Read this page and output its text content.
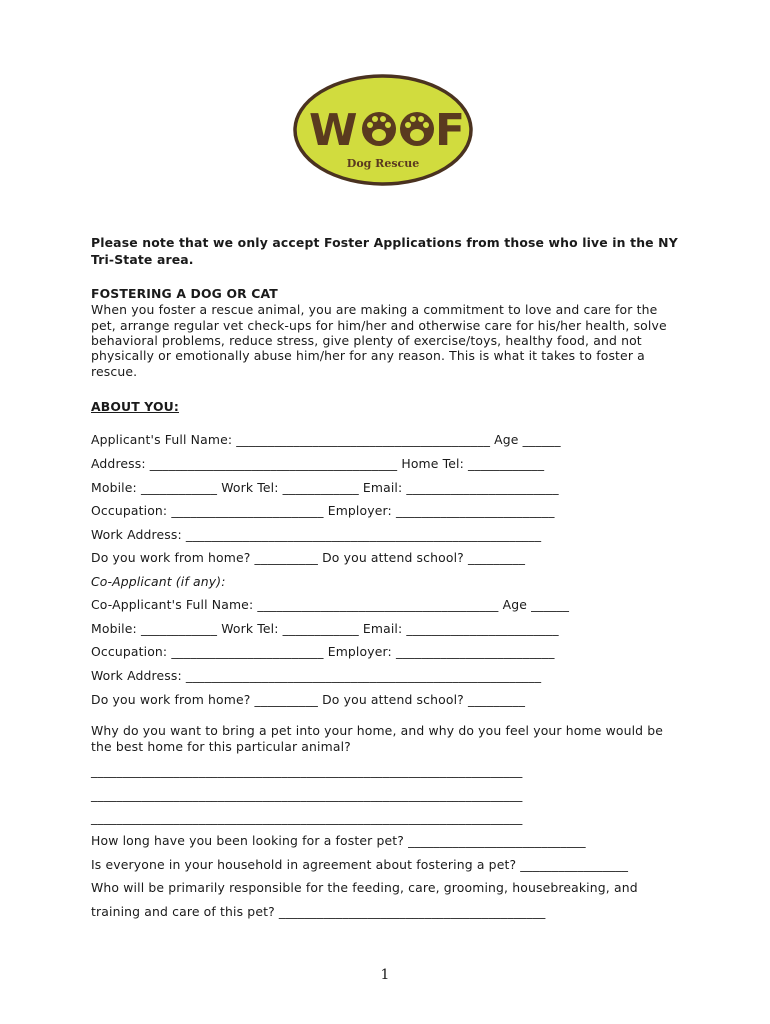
W F
Dog Rescue
Please note that we only accept Foster Applications from those who live in the NY
Tri-State area.
FOSTERING A DOG OR CAT
When you foster a rescue animal, you are making a commitment to love and care for the
pet, arrange regular vet check-ups for him/her and otherwise care for his/her health, solve
behavioral problems, reduce stress, give plenty of exercise/toys, healthy food, and not
physically or emotionally abuse him/her for any reason. This is what it takes to foster a
rescue.
ABOUT YOU:
Applicant's Full Name: ________________________________________ Age ______
Address: _______________________________________ Home Tel: ____________
Mobile: ____________ Work Tel: ____________ Email: ________________________
Occupation: ________________________ Employer: _________________________
Work Address: ________________________________________________________
Do you work from home? __________ Do you attend school? _________
Co-Applicant (if any):
Co-Applicant's Full Name: ______________________________________ Age ______
Mobile: ____________ Work Tel: ____________ Email: ________________________
Occupation: ________________________ Employer: _________________________
Work Address: ________________________________________________________
Do you work from home? __________ Do you attend school? _________
Why do you want to bring a pet into your home, and why do you feel your home would be
the best home for this particular animal?
____________________________________________________________________
____________________________________________________________________
____________________________________________________________________
How long have you been looking for a foster pet? ____________________________
Is everyone in your household in agreement about fostering a pet? _________________
Who will be primarily responsible for the feeding, care, grooming, housebreaking, and
training and care of this pet? __________________________________________
1
